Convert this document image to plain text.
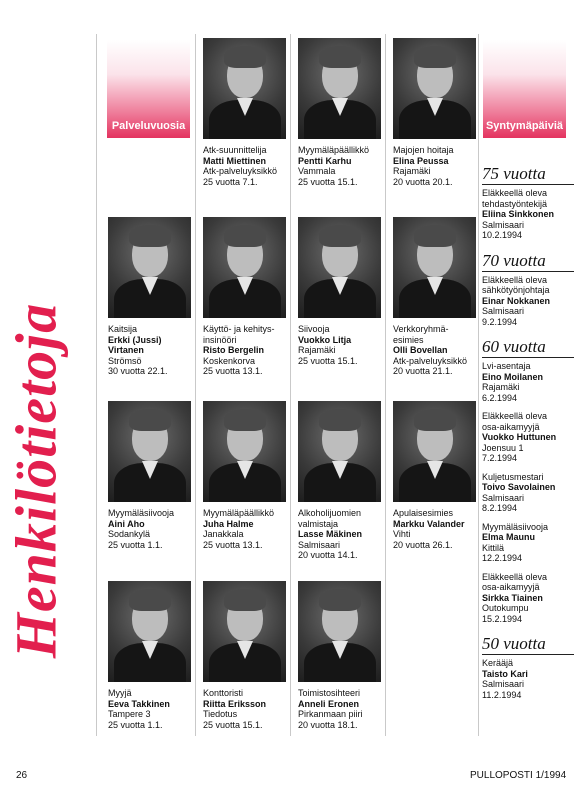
Henkilötietoja
Palveluvuosia	Syntymäpäiviä
Atk-suunnittelija
Matti Miettinen
Atk-palveluyksikkö
25 vuotta 7.1.
Myymäläpäällikkö
Pentti Karhu
Vammala
25 vuotta 15.1.
Majojen hoitaja
Elina Peussa
Rajamäki
20 vuotta 20.1.
Kaitsija
Erkki (Jussi)
Virtanen
Strömsö
30 vuotta 22.1.
Käyttö- ja kehitys-
insinööri
Risto Bergelin
Koskenkorva
25 vuotta 13.1.
Siivooja
Vuokko Litja
Rajamäki
25 vuotta 15.1.
Verkkoryhmä-
esimies
Olli Bovellan
Atk-palveluyksikkö
20 vuotta 21.1.
Myymäläsiivooja
Aini Aho
Sodankylä
25 vuotta 1.1.
Myymäläpäällikkö
Juha Halme
Janakkala
25 vuotta 13.1.
Alkoholijuomien
valmistaja
Lasse Mäkinen
Salmisaari
20 vuotta 14.1.
Apulaisesimies
Markku Valander
Vihti
20 vuotta 26.1.
Myyjä
Eeva Takkinen
Tampere 3
25 vuotta 1.1.
Konttoristi
Riitta Eriksson
Tiedotus
25 vuotta 15.1.
Toimistosihteeri
Anneli Eronen
Pirkanmaan piiri
20 vuotta 18.1.
75 vuotta
Eläkkeellä oleva
tehdastyöntekijä
Eliina Sinkkonen
Salmisaari
10.2.1994
70 vuotta
Eläkkeellä oleva
sähkötyönjohtaja
Einar Nokkanen
Salmisaari
9.2.1994
60 vuotta
Lvi-asentaja
Eino Moilanen
Rajamäki
6.2.1994
Eläkkeellä oleva
osa-aikamyyjä
Vuokko Huttunen
Joensuu 1
7.2.1994
Kuljetusmestari
Toivo Savolainen
Salmisaari
8.2.1994
Myymäläsiivooja
Elma Maunu
Kittilä
12.2.1994
Eläkkeellä oleva
osa-aikamyyjä
Sirkka Tiainen
Outokumpu
15.2.1994
50 vuotta
Kerääjä
Taisto Kari
Salmisaari
11.2.1994
26	PULLOPOSTI 1/1994
